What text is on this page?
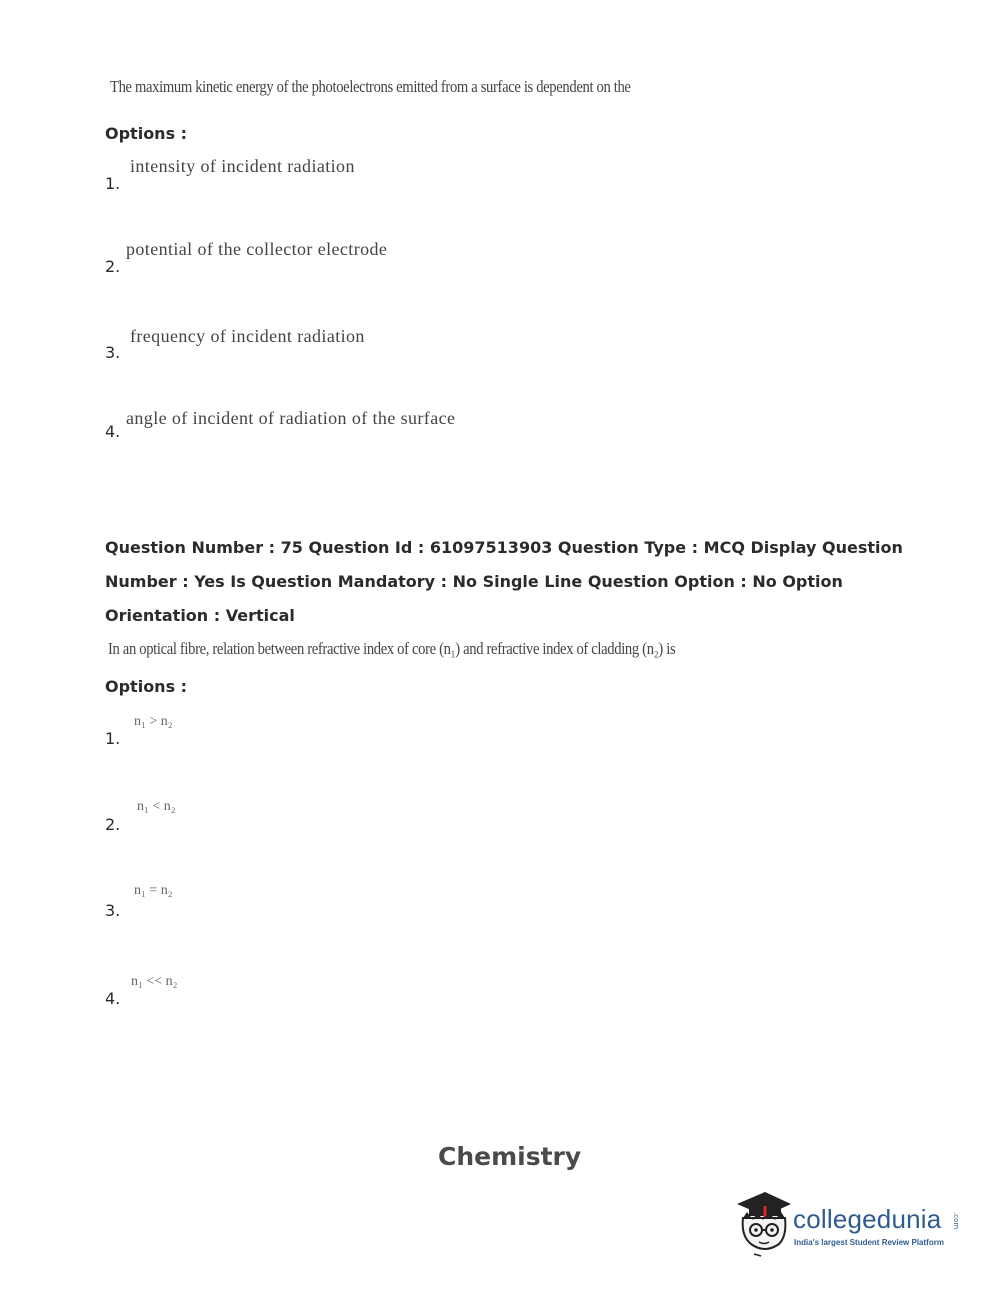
The maximum kinetic energy of the photoelectrons emitted from a surface is dependent on the
Options :
intensity of incident radiation
1.
potential of the collector electrode
2.
frequency of incident radiation
3.
angle of incident of radiation of the surface
4.
Question Number : 75 Question Id : 61097513903 Question Type : MCQ Display Question
Number : Yes Is Question Mandatory : No Single Line Question Option : No Option
Orientation : Vertical
In an optical fibre, relation between refractive index of core (n₁) and refractive index of cladding (n₂) is
Options :
n₁ > n₂
1.
n₁ < n₂
2.
n₁ = n₂
3.
n₁ << n₂
4.
Chemistry
collegedunia .com
India's largest Student Review Platform
